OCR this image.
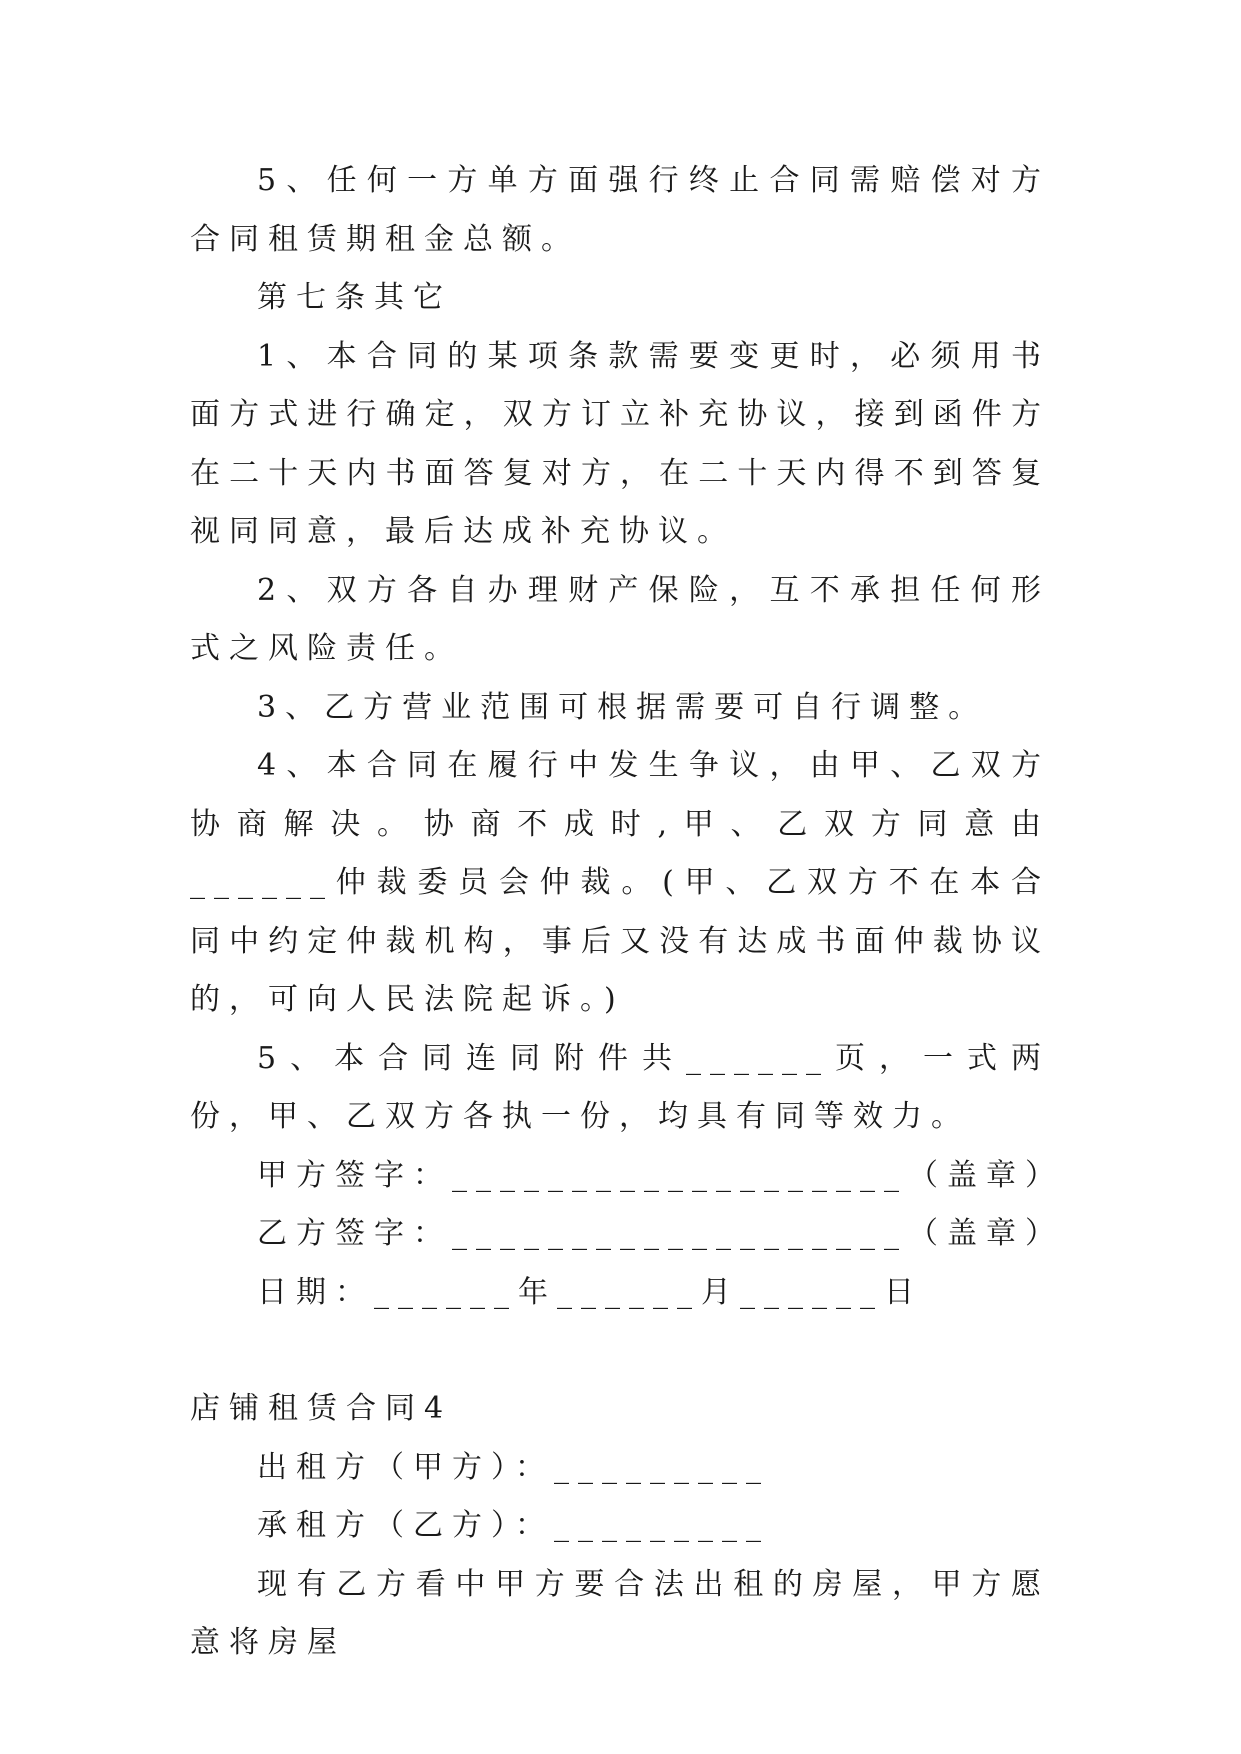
5、任何一方单方面强行终止合同需赔偿对方合同租赁期租金总额。

第七条其它

1、本合同的某项条款需要变更时，必须用书面方式进行确定，双方订立补充协议，接到函件方在二十天内书面答复对方，在二十天内得不到答复视同同意，最后达成补充协议。

2、双方各自办理财产保险，互不承担任何形式之风险责任。

3、乙方营业范围可根据需要可自行调整。

4、本合同在履行中发生争议，由甲、乙双方协商解决。协商不成时,甲、乙双方同意由______仲裁委员会仲裁。(甲、乙双方不在本合同中约定仲裁机构，事后又没有达成书面仲裁协议的，可向人民法院起诉。)

5、本合同连同附件共______页，一式两份，甲、乙双方各执一份，均具有同等效力。

甲方签字：___________________（盖章）

乙方签字：___________________（盖章）

日期：______年______月______日

店铺租赁合同4

出租方（甲方）：_________

承租方（乙方）：_________

现有乙方看中甲方要合法出租的房屋，甲方愿意将房屋
